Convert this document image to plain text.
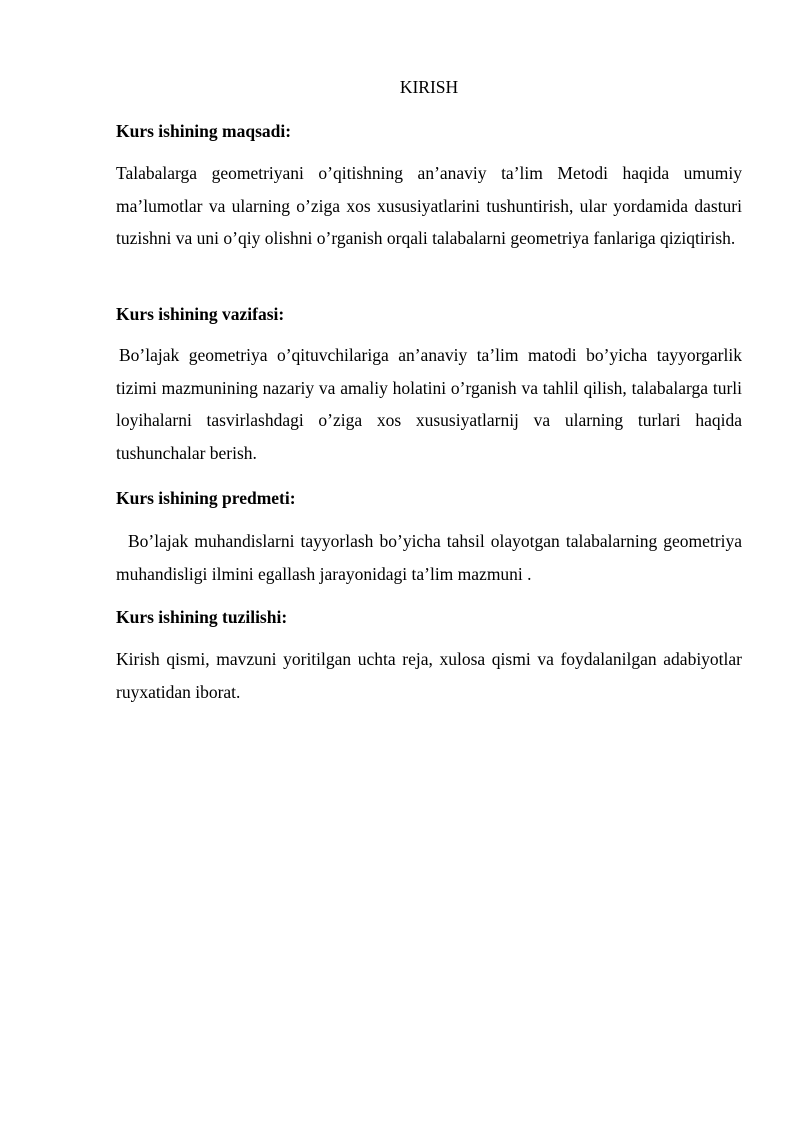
KIRISH
Kurs ishining maqsadi:
Talabalarga geometriyani o’qitishning an’anaviy ta’lim Metodi haqida umumiy ma’lumotlar va ularning o’ziga xos xususiyatlarini tushuntirish, ular yordamida dasturi tuzishni va uni o’qiy olishni o’rganish orqali talabalarni geometriya fanlariga qiziqtirish.
Kurs ishining vazifasi:
Bo’lajak geometriya o’qituvchilariga an’anaviy ta’lim matodi bo’yicha tayyorgarlik tizimi mazmunining nazariy va amaliy holatini o’rganish va tahlil qilish, talabalarga turli loyihalarni tasvirlashdagi o’ziga xos xususiyatlarnij va ularning turlari haqida tushunchalar berish.
Kurs ishining predmeti:
Bo’lajak muhandislarni tayyorlash bo’yicha tahsil olayotgan talabalarning geometriya muhandisligi ilmini egallash jarayonidagi ta’lim mazmuni .
Kurs ishining tuzilishi:
Kirish qismi, mavzuni yoritilgan uchta reja, xulosa qismi va foydalanilgan adabiyotlar ruyxatidan iborat.
